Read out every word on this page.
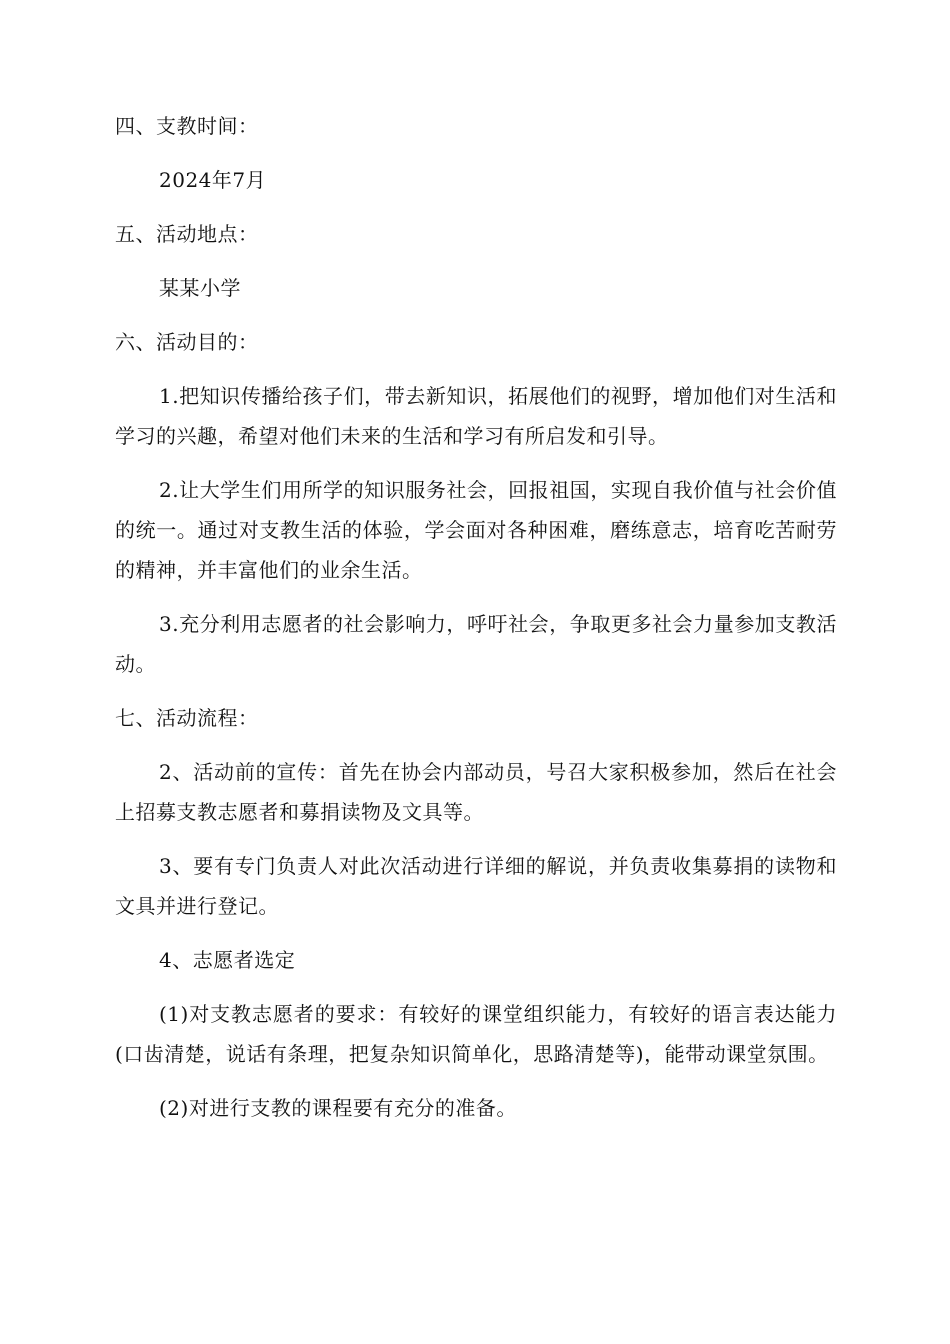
四、支教时间：

2024年7月

五、活动地点：

某某小学

六、活动目的：

1.把知识传播给孩子们，带去新知识，拓展他们的视野，增加他们对生活和学习的兴趣，希望对他们未来的生活和学习有所启发和引导。

2.让大学生们用所学的知识服务社会，回报祖国，实现自我价值与社会价值的统一。通过对支教生活的体验，学会面对各种困难，磨练意志，培育吃苦耐劳的精神，并丰富他们的业余生活。

3.充分利用志愿者的社会影响力，呼吁社会，争取更多社会力量参加支教活动。

七、活动流程：

2、活动前的宣传：首先在协会内部动员，号召大家积极参加，然后在社会上招募支教志愿者和募捐读物及文具等。

3、要有专门负责人对此次活动进行详细的解说，并负责收集募捐的读物和文具并进行登记。

4、志愿者选定

(1)对支教志愿者的要求：有较好的课堂组织能力，有较好的语言表达能力(口齿清楚，说话有条理，把复杂知识简单化，思路清楚等)，能带动课堂氛围。

(2)对进行支教的课程要有充分的准备。
